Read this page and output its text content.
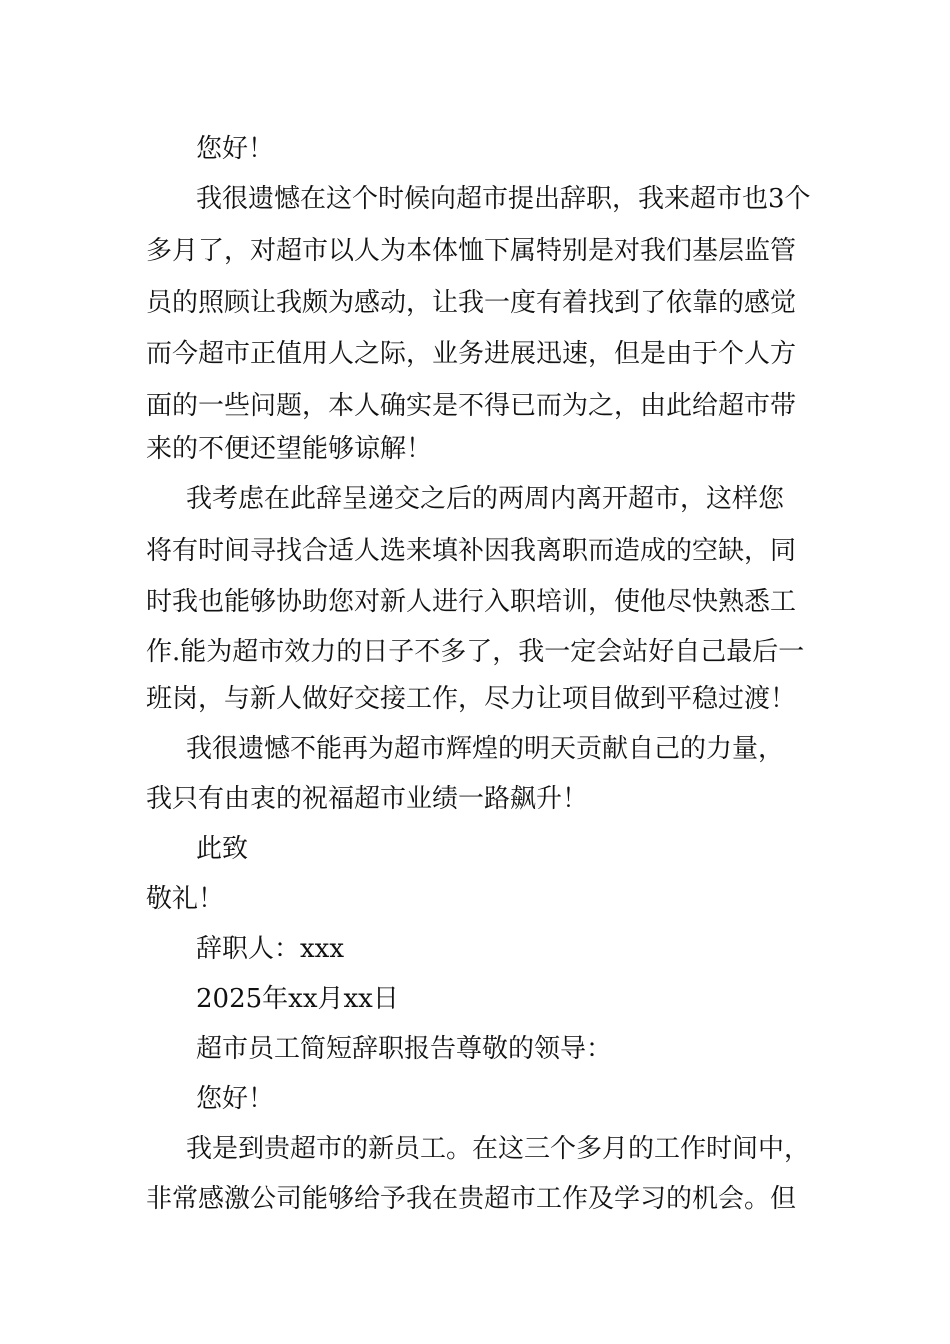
您好！
我很遗憾在这个时候向超市提出辞职，我来超市也3个
多月了，对超市以人为本体恤下属特别是对我们基层监管
员的照顾让我颇为感动，让我一度有着找到了依靠的感觉
而今超市正值用人之际，业务进展迅速，但是由于个人方
面的一些问题，本人确实是不得已而为之，由此给超市带
来的不便还望能够谅解！
我考虑在此辞呈递交之后的两周内离开超市，这样您
将有时间寻找合适人选来填补因我离职而造成的空缺，同
时我也能够协助您对新人进行入职培训，使他尽快熟悉工
作.能为超市效力的日子不多了，我一定会站好自己最后一
班岗，与新人做好交接工作，尽力让项目做到平稳过渡！
我很遗憾不能再为超市辉煌的明天贡献自己的力量，
我只有由衷的祝福超市业绩一路飙升！
此致
敬礼！
辞职人：xxx
2025年xx月xx日
超市员工简短辞职报告尊敬的领导：
您好！
我是到贵超市的新员工。在这三个多月的工作时间中，
非常感激公司能够给予我在贵超市工作及学习的机会。但
